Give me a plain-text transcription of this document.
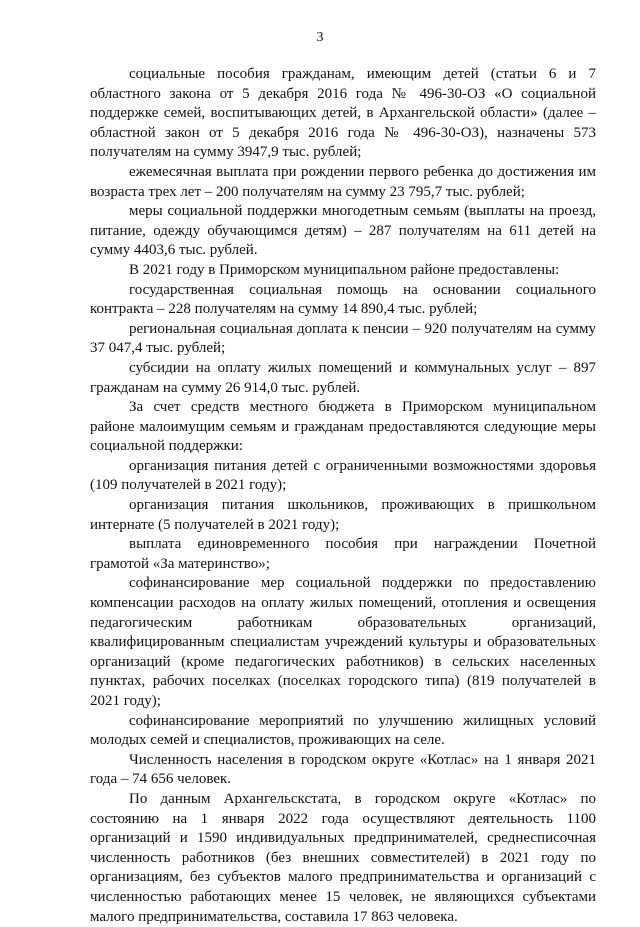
3

социальные пособия гражданам, имеющим детей (статьи 6 и 7 областного закона от 5 декабря 2016 года № 496-30-ОЗ «О социальной поддержке семей, воспитывающих детей, в Архангельской области» (далее – областной закон от 5 декабря 2016 года № 496-30-ОЗ), назначены 573 получателям на сумму 3947,9 тыс. рублей;

ежемесячная выплата при рождении первого ребенка до достижения им возраста трех лет – 200 получателям на сумму 23 795,7 тыс. рублей;

меры социальной поддержки многодетным семьям (выплаты на проезд, питание, одежду обучающимся детям) – 287 получателям на 611 детей на сумму 4403,6 тыс. рублей.

В 2021 году в Приморском муниципальном районе предоставлены:

государственная социальная помощь на основании социального контракта – 228 получателям на сумму 14 890,4 тыс. рублей;

региональная социальная доплата к пенсии – 920 получателям на сумму 37 047,4 тыс. рублей;

субсидии на оплату жилых помещений и коммунальных услуг – 897 гражданам на сумму 26 914,0 тыс. рублей.

За счет средств местного бюджета в Приморском муниципальном районе малоимущим семьям и гражданам предоставляются следующие меры социальной поддержки:

организация питания детей с ограниченными возможностями здоровья (109 получателей в 2021 году);

организация питания школьников, проживающих в пришкольном интернате (5 получателей в 2021 году);

выплата единовременного пособия при награждении Почетной грамотой «За материнство»;

софинансирование мер социальной поддержки по предоставлению компенсации расходов на оплату жилых помещений, отопления и освещения педагогическим работникам образовательных организаций, квалифицированным специалистам учреждений культуры и образовательных организаций (кроме педагогических работников) в сельских населенных пунктах, рабочих поселках (поселках городского типа) (819 получателей в 2021 году);

софинансирование мероприятий по улучшению жилищных условий молодых семей и специалистов, проживающих на селе.

Численность населения в городском округе «Котлас» на 1 января 2021 года – 74 656 человек.

По данным Архангельскстата, в городском округе «Котлас» по состоянию на 1 января 2022 года осуществляют деятельность 1100 организаций и 1590 индивидуальных предпринимателей, среднесписочная численность работников (без внешних совместителей) в 2021 году по организациям, без субъектов малого предпринимательства и организаций с численностью работающих менее 15 человек, не являющихся субъектами малого предпринимательства, составила 17 863 человека.
